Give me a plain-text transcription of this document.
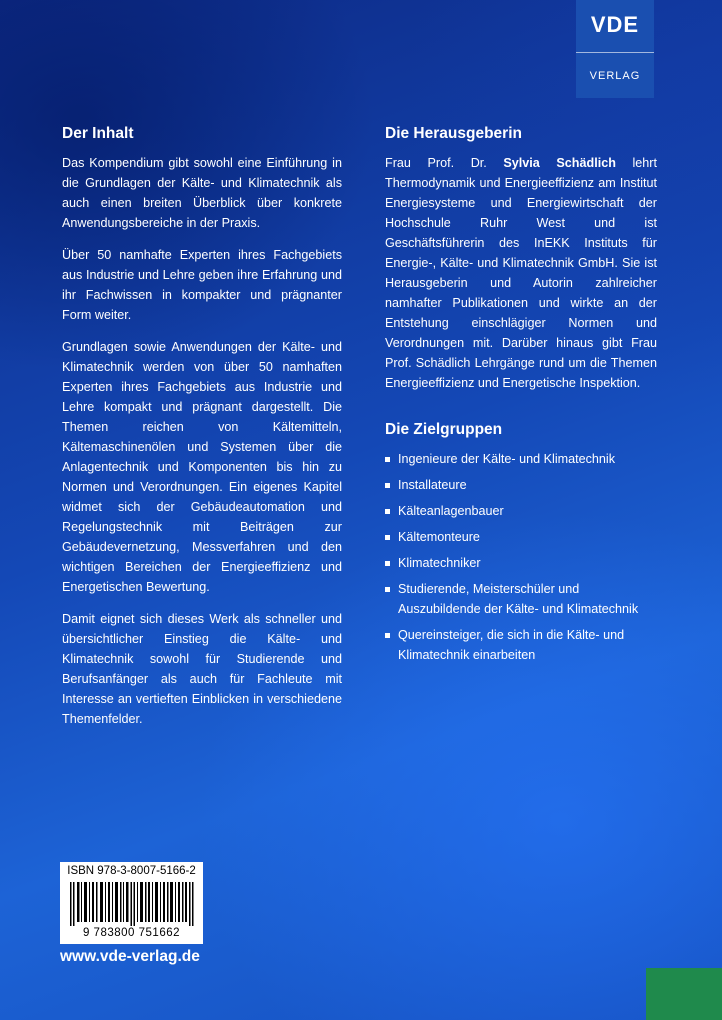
VDE
VERLAG
Der Inhalt

Das Kompendium gibt sowohl eine Einführung in die Grundlagen der Kälte- und Klimatechnik als auch einen breiten Überblick über konkrete Anwendungsbereiche in der Praxis.

Über 50 namhafte Experten ihres Fachgebiets aus Industrie und Lehre geben ihre Erfahrung und ihr Fachwissen in kompakter und prägnanter Form weiter.

Grundlagen sowie Anwendungen der Kälte- und Klimatechnik werden von über 50 namhaften Experten ihres Fachgebiets aus Industrie und Lehre kompakt und prägnant dargestellt. Die Themen reichen von Kältemitteln, Kältemaschinenölen und Systemen über die Anlagentechnik und Komponenten bis hin zu Normen und Verordnungen. Ein eigenes Kapitel widmet sich der Gebäudeautomation und Regelungstechnik mit Beiträgen zur Gebäudevernetzung, Messverfahren und den wichtigen Bereichen der Energieeffizienz und Energetischen Bewertung.

Damit eignet sich dieses Werk als schneller und übersichtlicher Einstieg die Kälte- und Klimatechnik sowohl für Studierende und Berufsanfänger als auch für Fachleute mit Interesse an vertieften Einblicken in verschiedene Themenfelder.

Die Herausgeberin

Frau Prof. Dr. Sylvia Schädlich lehrt Thermodynamik und Energieeffizienz am Institut Energiesysteme und Energiewirtschaft der Hochschule Ruhr West und ist Geschäftsführerin des InEKK Instituts für Energie-, Kälte- und Klimatechnik GmbH. Sie ist Herausgeberin und Autorin zahlreicher namhafter Publikationen und wirkte an der Entstehung einschlägiger Normen und Verordnungen mit. Darüber hinaus gibt Frau Prof. Schädlich Lehrgänge rund um die Themen Energieeffizienz und Energetische Inspektion.

Die Zielgruppen
Ingenieure der Kälte- und Klimatechnik
Installateure
Kälteanlagenbauer
Kältemonteure
Klimatechniker
Studierende, Meisterschüler und Auszubildende der Kälte- und Klimatechnik
Quereinsteiger, die sich in die Kälte- und Klimatechnik einarbeiten
ISBN 978-3-8007-5166-2
9 783800 751662
www.vde-verlag.de
